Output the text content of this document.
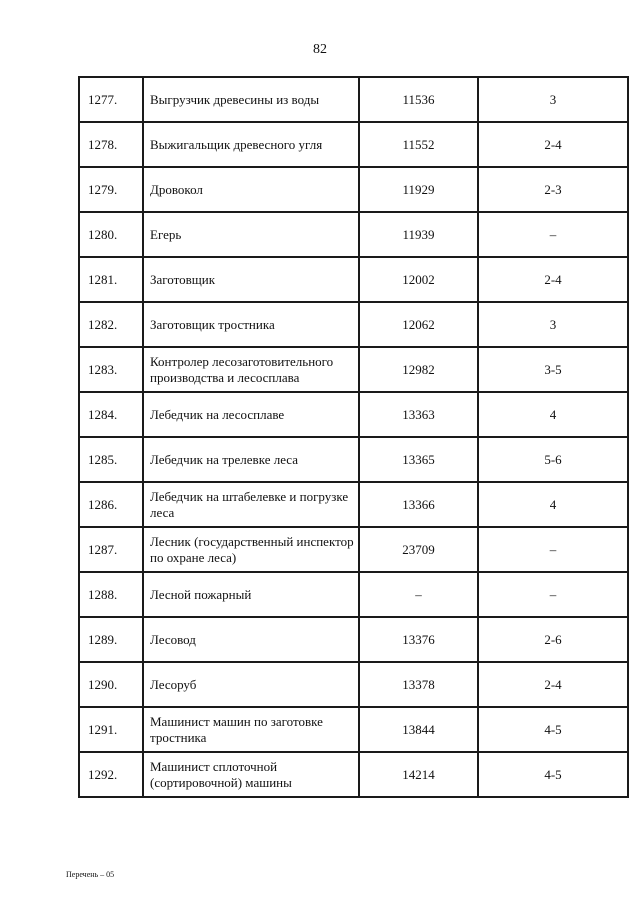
82
1277.	Выгрузчик древесины из воды	11536	3
1278.	Выжигальщик древесного угля	11552	2-4
1279.	Дровокол	11929	2-3
1280.	Егерь	11939	–
1281.	Заготовщик	12002	2-4
1282.	Заготовщик тростника	12062	3
1283.	Контролер лесозаготовительного производства и лесосплава	12982	3-5
1284.	Лебедчик на лесосплаве	13363	4
1285.	Лебедчик на трелевке леса	13365	5-6
1286.	Лебедчик на штабелевке и погрузке леса	13366	4
1287.	Лесник (государственный инспектор по охране леса)	23709	–
1288.	Лесной пожарный	–	–
1289.	Лесовод	13376	2-6
1290.	Лесоруб	13378	2-4
1291.	Машинист машин по заготовке тростника	13844	4-5
1292.	Машинист сплоточной (сортировочной) машины	14214	4-5
Перечень – 05
